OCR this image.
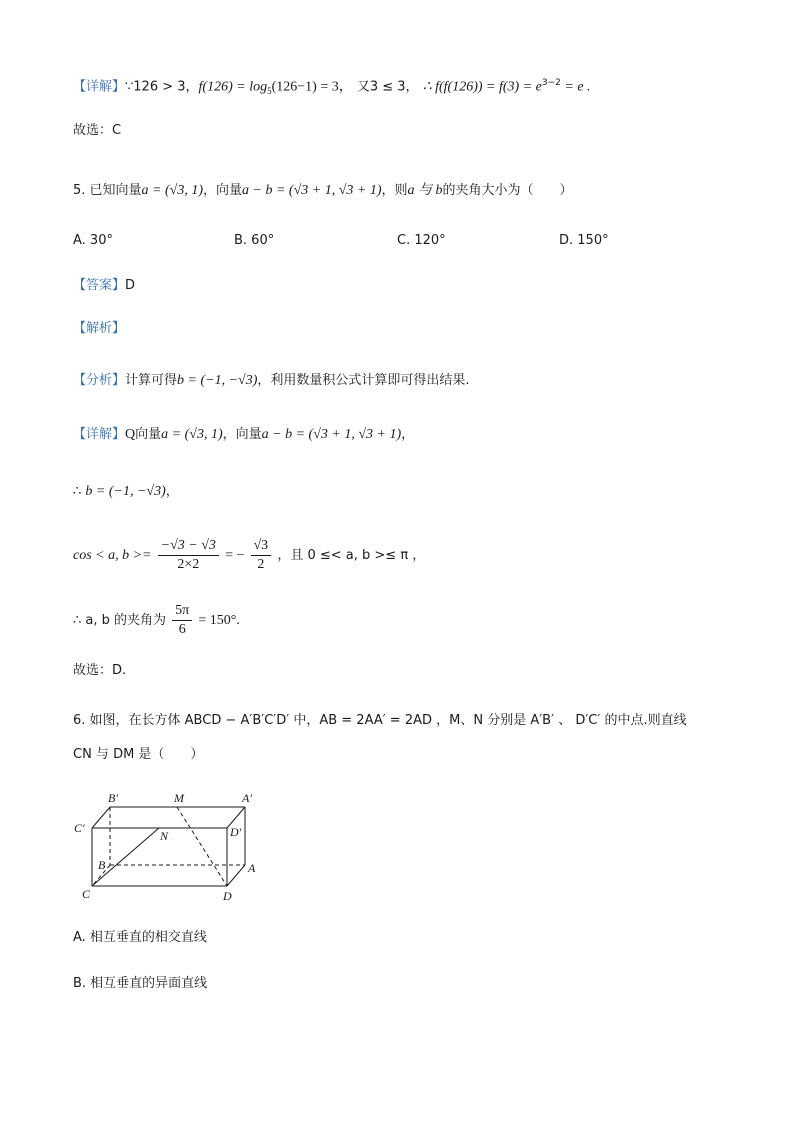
【详解】∵126 > 3，$f(126) = \log_5(126-1) = 3$， 又3 ≤ 3， ∴ $f(f(126)) = f(3) = e^{3-2} = e$ .
故选：C
5. 已知向量a = (√3, 1)，向量a − b = (√3 + 1, √3 + 1)，则a 与 b的夹角大小为（　　）
A. 30°	B. 60°	C. 120°	D. 150°
【答案】D
【解析】
【分析】计算可得b = (−1, −√3)，利用数量积公式计算即可得出结果.
【详解】Q向量a = (√3, 1)，向量a − b = (√3 + 1, √3 + 1)，
∴ b = (−1, −√3)，
cos < a, $b >= \frac{-√3 - √3}{2\times 2}$ = − $\frac{√3}{2}$ ，且 0 ≤< a, b >≤ π ，
∴ a, b 的夹角为 $\frac{5\pi}{6} = 150^\circ$.
故选：D.
6. 如图，在长方体 ABCD − A′B′C′D′ 中，AB = 2AA′ = 2AD ，M、N 分别是 A′B′ 、 D′C′ 的中点.则直线
CN 与 DM 是（　　）
B′	M	A′
C′	D′
N
B	A
C	D
A. 相互垂直的相交直线
B. 相互垂直的异面直线
